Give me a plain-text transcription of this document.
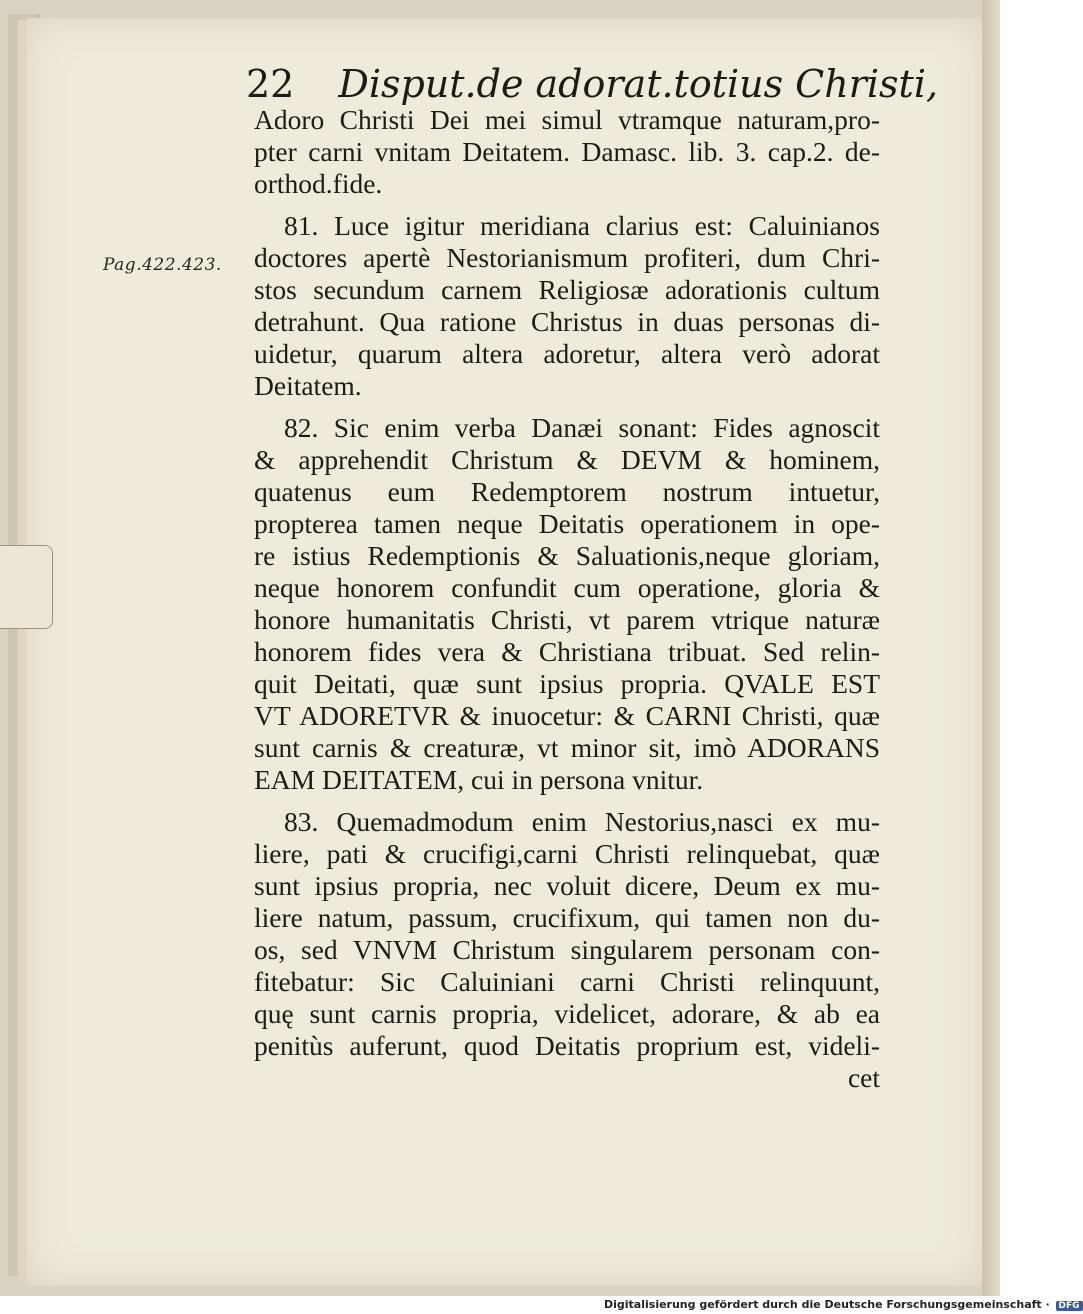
22 Disput.de adorat.totius Christi,
Pag.422.423.
Adoro Christi Dei mei simul vtramque naturam,pro-
pter carni vnitam Deitatem. Damasc. lib. 3. cap.2. de-
orthod.fide.
81. Luce igitur meridiana clarius est: Caluinianos
doctores apertè Nestorianismum profiteri, dum Chri-
stos secundum carnem Religiosæ adorationis cultum
detrahunt. Qua ratione Christus in duas personas di-
uidetur, quarum altera adoretur, altera verò adorat
Deitatem.
82. Sic enim verba Danæi sonant: Fides agnoscit
& apprehendit Christum & DEVM & hominem,
quatenus eum Redemptorem nostrum intuetur,
propterea tamen neque Deitatis operationem in ope-
re istius Redemptionis & Saluationis,neque gloriam,
neque honorem confundit cum operatione, gloria &
honore humanitatis Christi, vt parem vtrique naturæ
honorem fides vera & Christiana tribuat. Sed relin-
quit Deitati, quæ sunt ipsius propria. QVALE EST
VT ADORETVR & inuocetur: & CARNI Christi, quæ
sunt carnis & creaturæ, vt minor sit, imò ADORANS
EAM DEITATEM, cui in persona vnitur.
83. Quemadmodum enim Nestorius,nasci ex mu-
liere, pati & crucifigi,carni Christi relinquebat, quæ
sunt ipsius propria, nec voluit dicere, Deum ex mu-
liere natum, passum, crucifixum, qui tamen non du-
os, sed VNVM Christum singularem personam con-
fitebatur: Sic Caluiniani carni Christi relinquunt,
quę sunt carnis propria, videlicet, adorare, & ab ea
penitùs auferunt, quod Deitatis proprium est, videli-
cet
Digitalisierung gefördert durch die Deutsche Forschungsgemeinschaft · DFG
